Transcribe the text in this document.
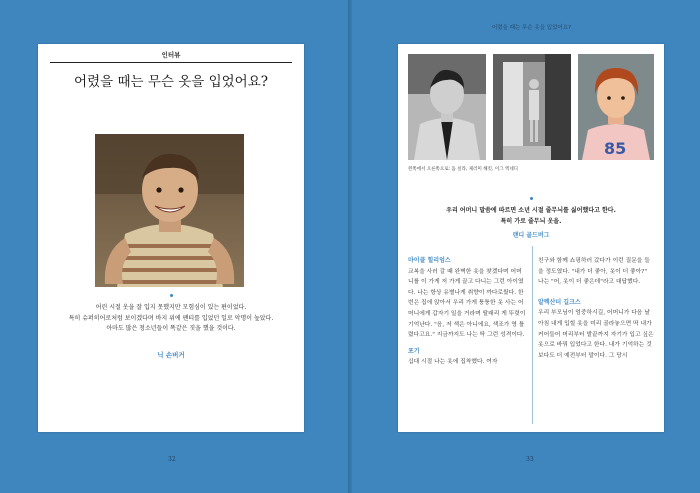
인터뷰
어렸을 때는 무슨 옷을 입었어요?

어린 시절 옷을 잘 입지 못했지만 모험심이 있는 편이었다.

특히 슈퍼히어로처럼 보이겠다며 바지 위에 팬티를 입었던 일로 악명이 높았다.

아마도 많은 청소년들이 똑같은 짓을 했을 것이다.

닉 손버거
32
어렸을 때는 무슨 옷을 입었어요?
85
왼쪽에서 오른쪽으로: 돔 실라, 제러미 해킷, 이그 엑네디

우리 어머니 말씀에 따르면 소년 시절 줄무늬를 싫어했다고 한다.

특히 가로 줄무늬 옷을.

랜디 골드버그
마이클 힐리엄스
교복을 사러 갈 때 완벽한 옷을 찾겠다며 어머니를 이 가게 저 가게 끌고 다니는 그런 아이였다. 나는 항상 유별나게 취향이 까다로웠다. 한번은 집에 앉아서 우리 가게 퉁퉁한 옷 사는 어머니에게 갑자기 일을 거라며 딸래리 게 뚜렷이 기억난다. "음, 저 색은 아니에요, 색조가 영 틀렸다고요." 지금까지도 나는 딱 그런 성격이다.
포기
십대 시절 나는 옷에 집착했다. 여자
친구와 함께 쇼핑하러 갔다가 이런 질문을 들을 정도였다. "내가 더 좋아, 옷이 더 좋아?" 나는 "어, 옷이 더 좋은데"라고 대답했다.
알렉산더 길크스
우리 부모님이 엄중하시길, 어머니가 다음 날 아침 내게 입힐 옷을 미리 골라놓으면 딱 내가 커어들어 머리부터 발끝까지 자기가 입고 싶은 옷으로 바꿔 입었다고 한다. 내가 기억하는 것보다도 더 예전부터 말이다. 그 당시
33
